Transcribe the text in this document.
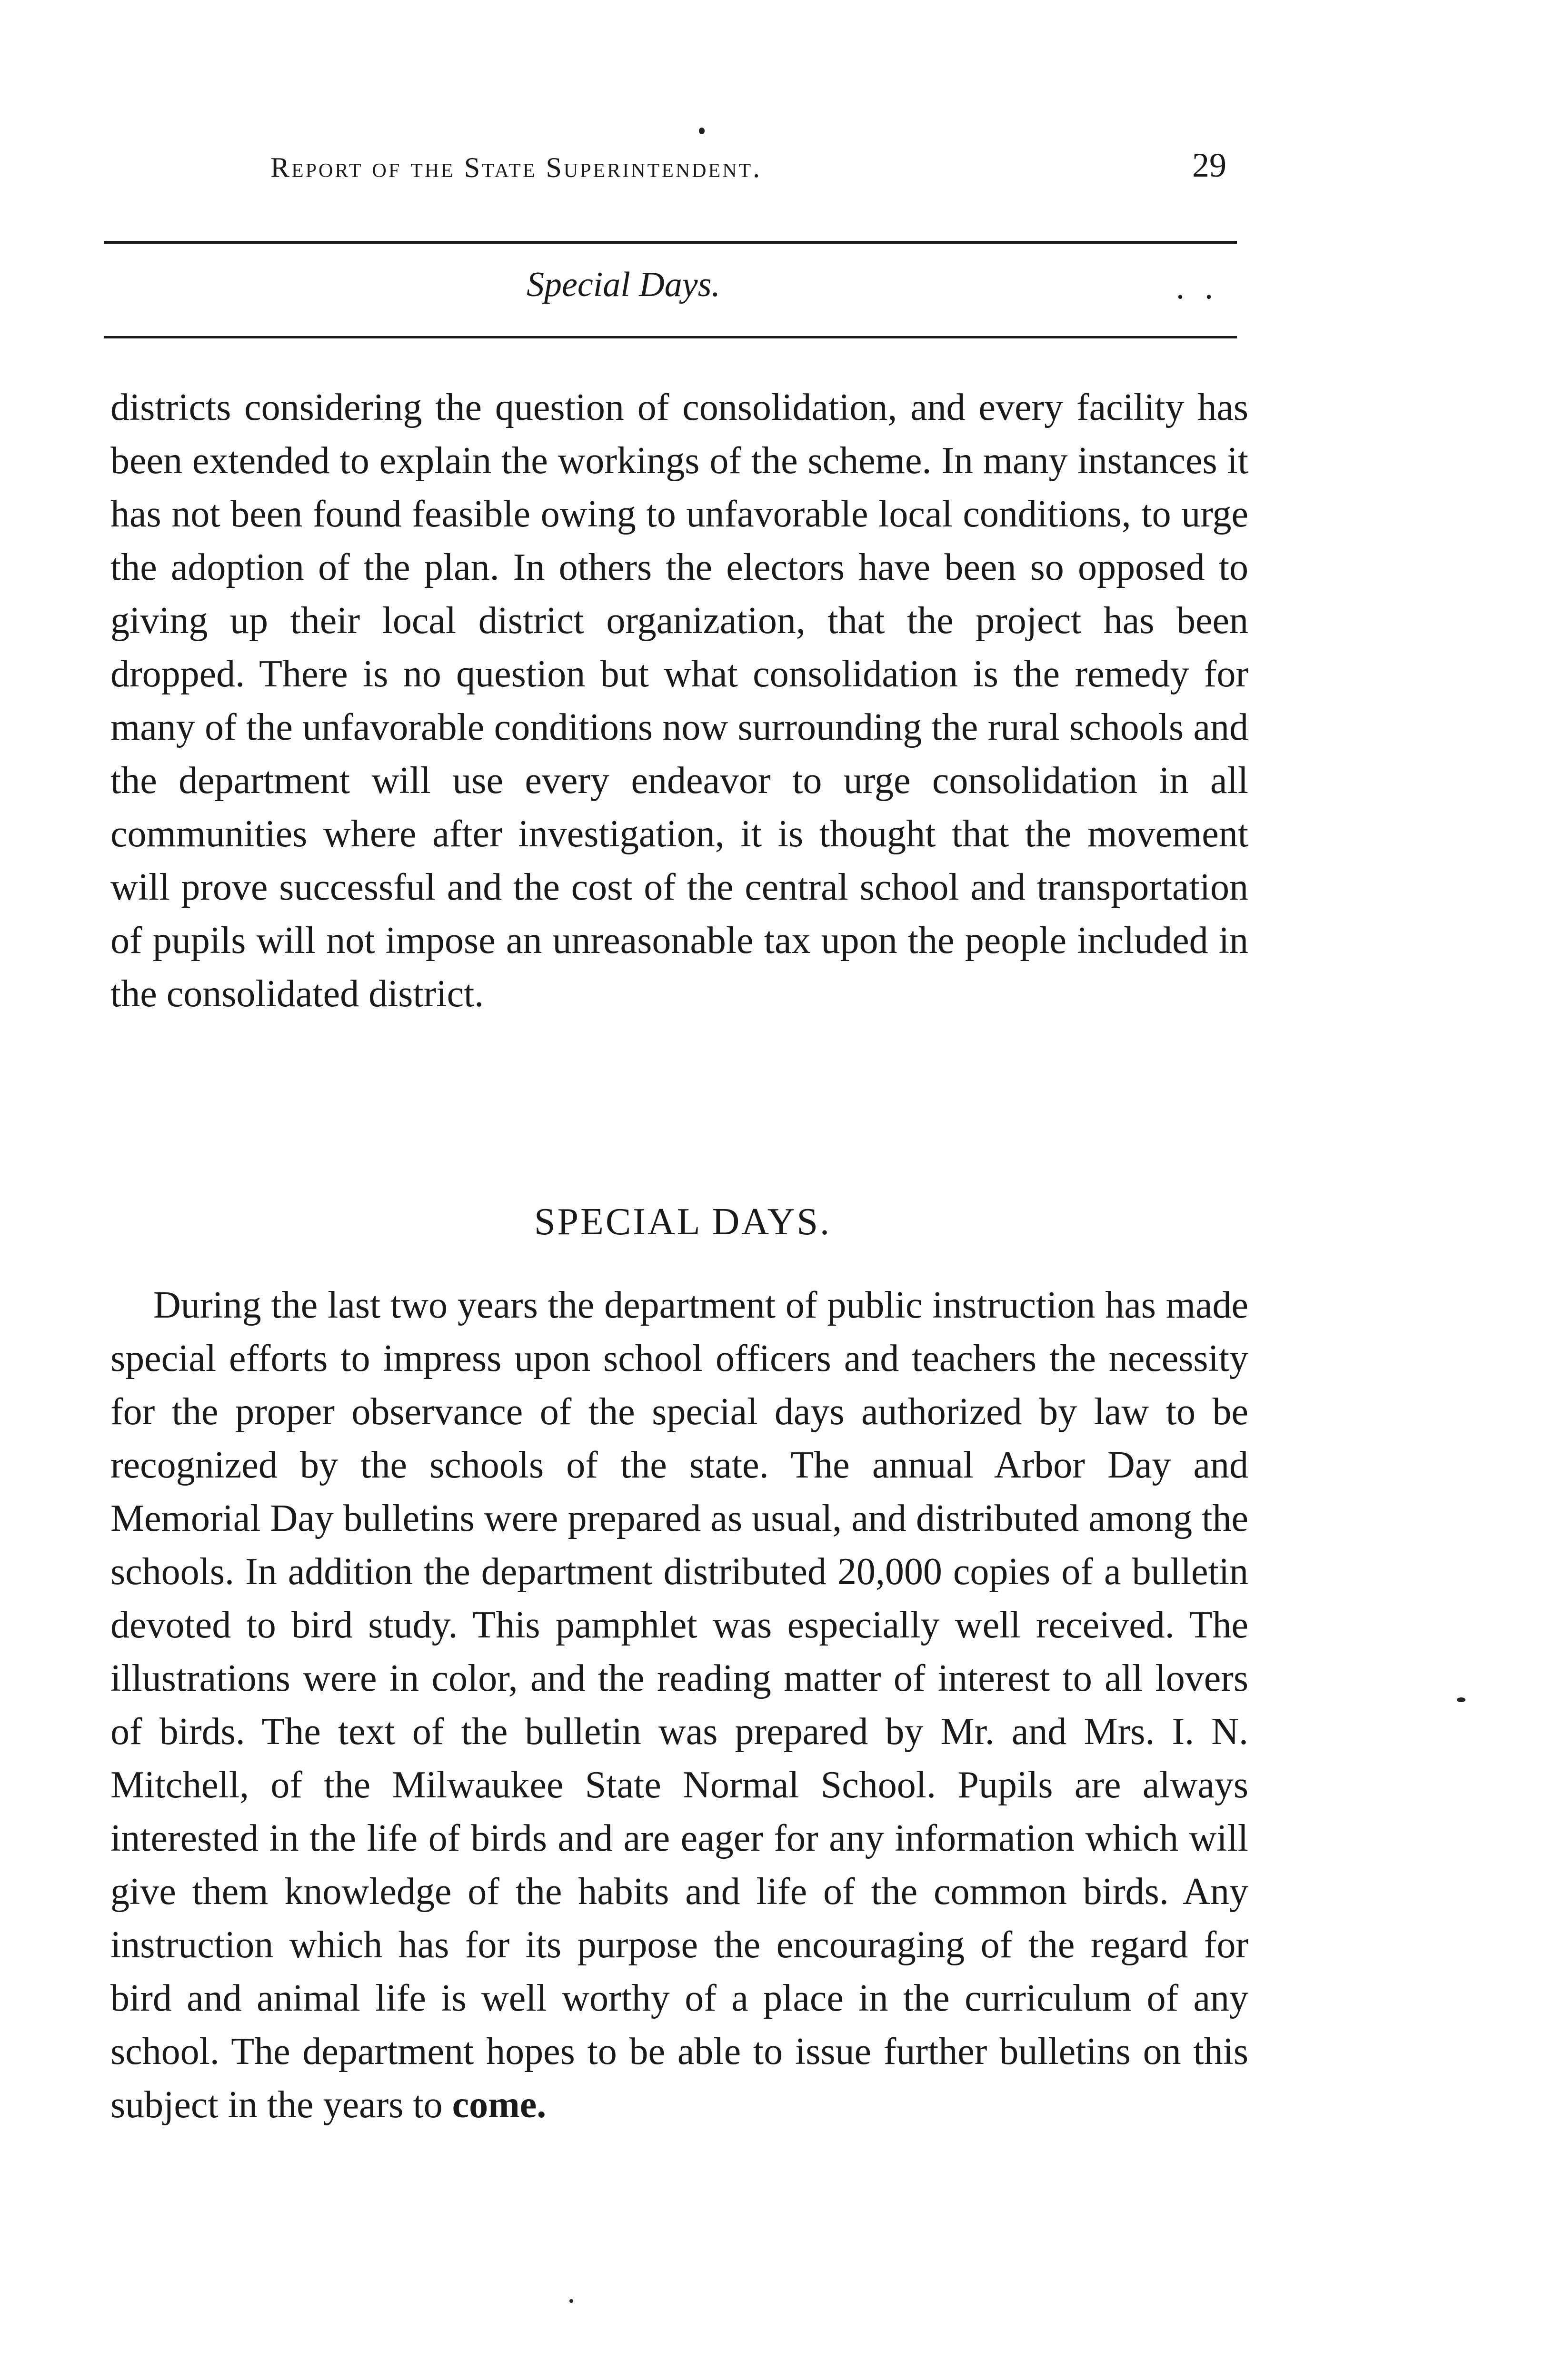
Report of the State Superintendent.	29
Special Days.	. .

districts considering the question of consolidation, and every facility has been extended to explain the workings of the scheme. In many instances it has not been found feasible owing to unfavorable local conditions, to urge the adoption of the plan. In others the electors have been so opposed to giving up their local district organization, that the project has been dropped. There is no question but what consolidation is the remedy for many of the unfavorable conditions now surrounding the rural schools and the department will use every endeavor to urge consolidation in all communities where after investigation, it is thought that the movement will prove successful and the cost of the central school and transportation of pupils will not impose an unreasonable tax upon the people included in the consolidated district.

SPECIAL DAYS.

During the last two years the department of public instruction has made special efforts to impress upon school officers and teachers the necessity for the proper observance of the special days authorized by law to be recognized by the schools of the state. The annual Arbor Day and Memorial Day bulletins were prepared as usual, and distributed among the schools. In addition the department distributed 20,000 copies of a bulletin devoted to bird study. This pamphlet was especially well received. The illustrations were in color, and the reading matter of interest to all lovers of birds. The text of the bulletin was prepared by Mr. and Mrs. I. N. Mitchell, of the Milwaukee State Normal School. Pupils are always interested in the life of birds and are eager for any information which will give them knowledge of the habits and life of the common birds. Any instruction which has for its purpose the encouraging of the regard for bird and animal life is well worthy of a place in the curriculum of any school. The department hopes to be able to issue further bulletins on this subject in the years to come.
